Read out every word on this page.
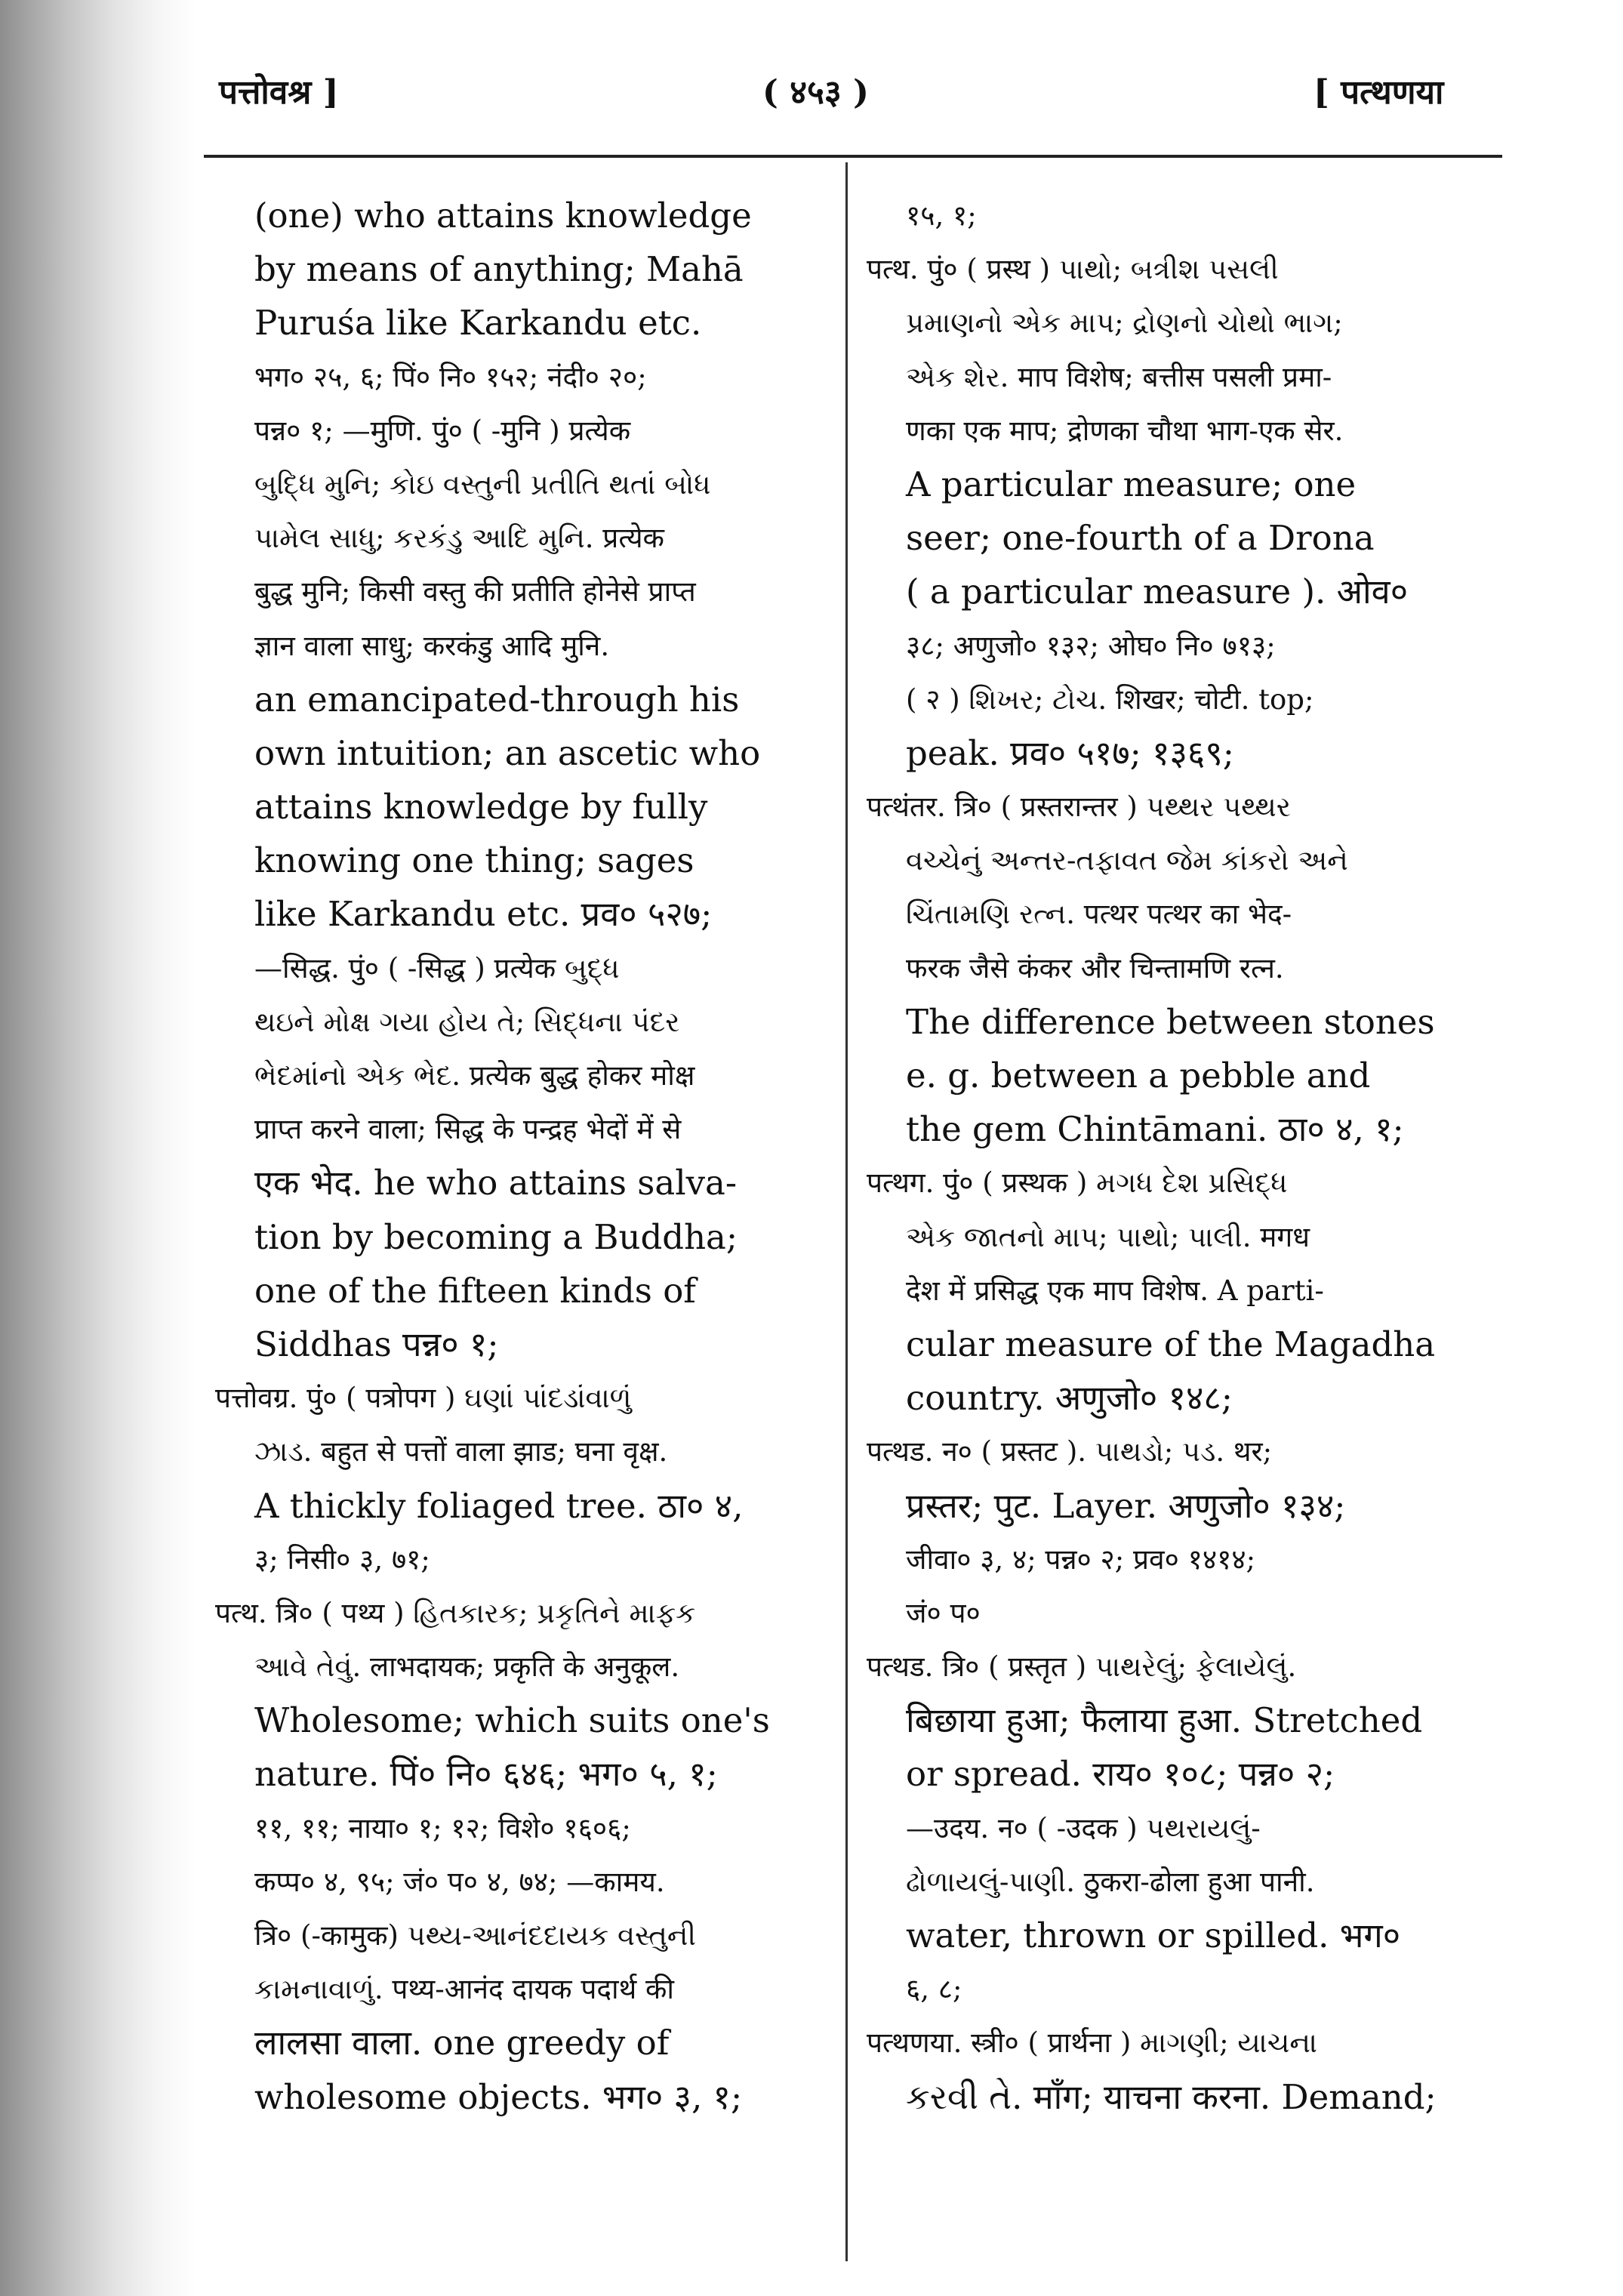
पत्तोवश्र ]	( ४५३ )	[ पत्थणया
(one) who attains knowledge
by means of anything; Mahā
Puruśa like Karkandu etc.
भग० २५, ६; पिं० नि० १५२; नंदी० २०;
पन्न० १; —मुणि. पुं० ( -मुनि ) प्रत्येक
બુદ્ધિ મુનિ; કોઇ વસ્તુની પ્રતીતિ થતાં બોધ
પામેલ સાધુ; કરકંડુ આદિ મુનિ. प्रत्येक
बुद्ध मुनि; किसी वस्तु की प्रतीति होनेसे प्राप्त
ज्ञान वाला साधु; करकंडु आदि मुनि.
an emancipated-through his
own intuition; an ascetic who
attains knowledge by fully
knowing one thing; sages
like Karkandu etc. प्रव० ५२७;
—सिद्ध. पुं० ( -सिद्ध ) प्रत्येक બુદ્ધ
થઇને મોક્ષ ગયા હોય તે; સિદ્ધના પંદર
ભેદમાંનો એક ભેદ. प्रत्येक बुद्ध होकर मोक्ष
प्राप्त करने वाला; सिद्ध के पन्द्रह भेदों में से
एक भेद. he who attains salva-
tion by becoming a Buddha;
one of the fifteen kinds of
Siddhas पन्न० १;
पत्तोवग्र. पुं० ( पत्रोपग ) ઘણાં પાંદડાંવાળું
ઝાડ. बहुत से पत्तों वाला झाड; घना वृक्ष.
A thickly foliaged tree. ठा० ४,
३; निसी० ३, ७१;
पत्थ. त्रि० ( पथ्य ) હિતકારક; પ્રકૃતિને માફક
આવે તેવું. लाभदायक; प्रकृति के अनुकूल.
Wholesome; which suits one's
nature. पिं० नि० ६४६; भग० ५, १;
११, ११; नाया० १; १२; विशे० १६०६;
कप्प० ४, ९५; जं० प० ४, ७४; —कामय.
त्रि० (-कामुक) પથ્ય-આનંદદાયક વસ્તુની
કામનાવાળું. पथ्य-आनंद दायक पदार्थ की
लालसा वाला. one greedy of
wholesome objects. भग० ३, १;
१५, १;
पत्थ. पुं० ( प्रस्थ ) પાથો; બત્રીશ પસલી
પ્રમાણનો એક માપ; દ્રોણનો ચોથો ભાગ;
એક શેર. माप विशेष; बत्तीस पसली प्रमा-
णका एक माप; द्रोणका चौथा भाग-एक सेर.
A particular measure; one
seer; one-fourth of a Drona
( a particular measure ). ओव०
३८; अणुजो० १३२; ओघ० नि० ७१३;
( २ ) શિખર; ટોચ. शिखर; चोटी. top;
peak. प्रव० ५१७; १३६९;
पत्थंतर. त्रि० ( प्रस्तरान्तर ) પથ્થર પથ્થર
વચ્ચેનું અન્તર-તફાવત જેમ કાંકરો અને
ચિંતામણિ રત્ન. पत्थर पत्थर का भेद-
फरक जैसे कंकर और चिन्तामणि रत्न.
The difference between stones
e. g. between a pebble and
the gem Chintāmani. ठा० ४, १;
पत्थग. पुं० ( प्रस्थक ) મગધ દેશ પ્રસિદ્ધ
એક જાતનો માપ; પાથો; પાલી. मगध
देश में प्रसिद्ध एक माप विशेष. A parti-
cular measure of the Magadha
country. अणुजो० १४८;
पत्थड. न० ( प्रस्तट ). પાથડો; પડ. थर;
प्रस्तर; पुट. Layer. अणुजो० १३४;
जीवा० ३, ४; पन्न० २; प्रव० १४१४;
जं० प०
पत्थड. त्रि० ( प्रस्तृत ) પાથરેલું; ફેલાયેલું.
बिछाया हुआ; फैलाया हुआ. Stretched
or spread. राय० १०८; पन्न० २;
—उदय. न० ( -उदक ) પથરાયલું-
ઢોળાયલું-પાણી. ठुकरा-ढोला हुआ पानी.
water, thrown or spilled. भग०
६, ८;
पत्थणया. स्त्री० ( प्रार्थना ) માગણી; યાચના
કરવી તે. माँग; याचना करना. Demand;
